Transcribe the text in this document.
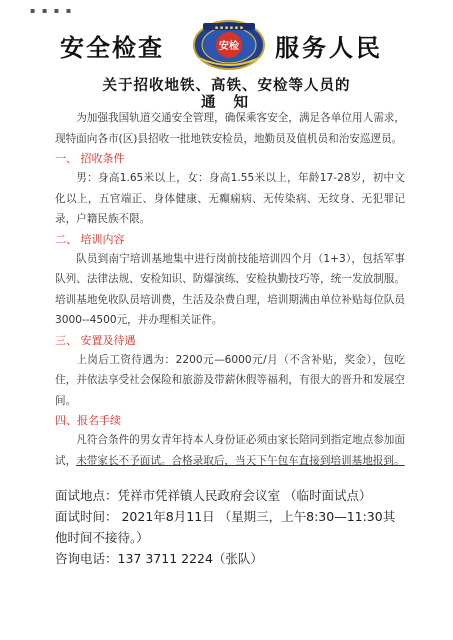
▪ ▪ ▪ ▪
安全检查
▪ ▪ ▪ ▪ ▪ ▪
安检 服务人民
关于招收地铁、高铁、安检等人员的
通知

为加强我国轨道交通安全管理，确保乘客安全，满足各单位用人需求，现特面向各市(区)县招收一批地铁安检员，地勤员及值机员和治安巡逻员。

一、 招收条件

男：身高1.65米以上，女：身高1.55米以上，年龄17-28岁，初中文化以上，五官端正、身体健康、无癫痫病、无传染病、无纹身、无犯罪记录，户籍民族不限。

二、 培训内容

队员到南宁培训基地集中进行岗前技能培训四个月（1+3），包括军事队列、法律法规、安检知识、防爆演练、安检执勤技巧等，统一发放制服。培训基地免收队员培训费，生活及杂费自理，培训期满由单位补贴每位队员3000--4500元，并办理相关证件。

三、 安置及待遇

上岗后工资待遇为：2200元—6000元/月（不含补贴，奖金），包吃住，并依法享受社会保险和旅游及带薪休假等福利，有很大的晋升和发展空间。

四、报名手续

凡符合条件的男女青年持本人身份证必须由家长陪同到指定地点参加面试，未带家长不予面试。合格录取后，当天下午包车直接到培训基地报到。

面试地点：凭祥市凭祥镇人民政府会议室 （临时面试点）

面试时间： 2021年8月11日 （星期三，上午8:30—11:30其他时间不接待。）

咨询电话：137 3711 2224（张队）
